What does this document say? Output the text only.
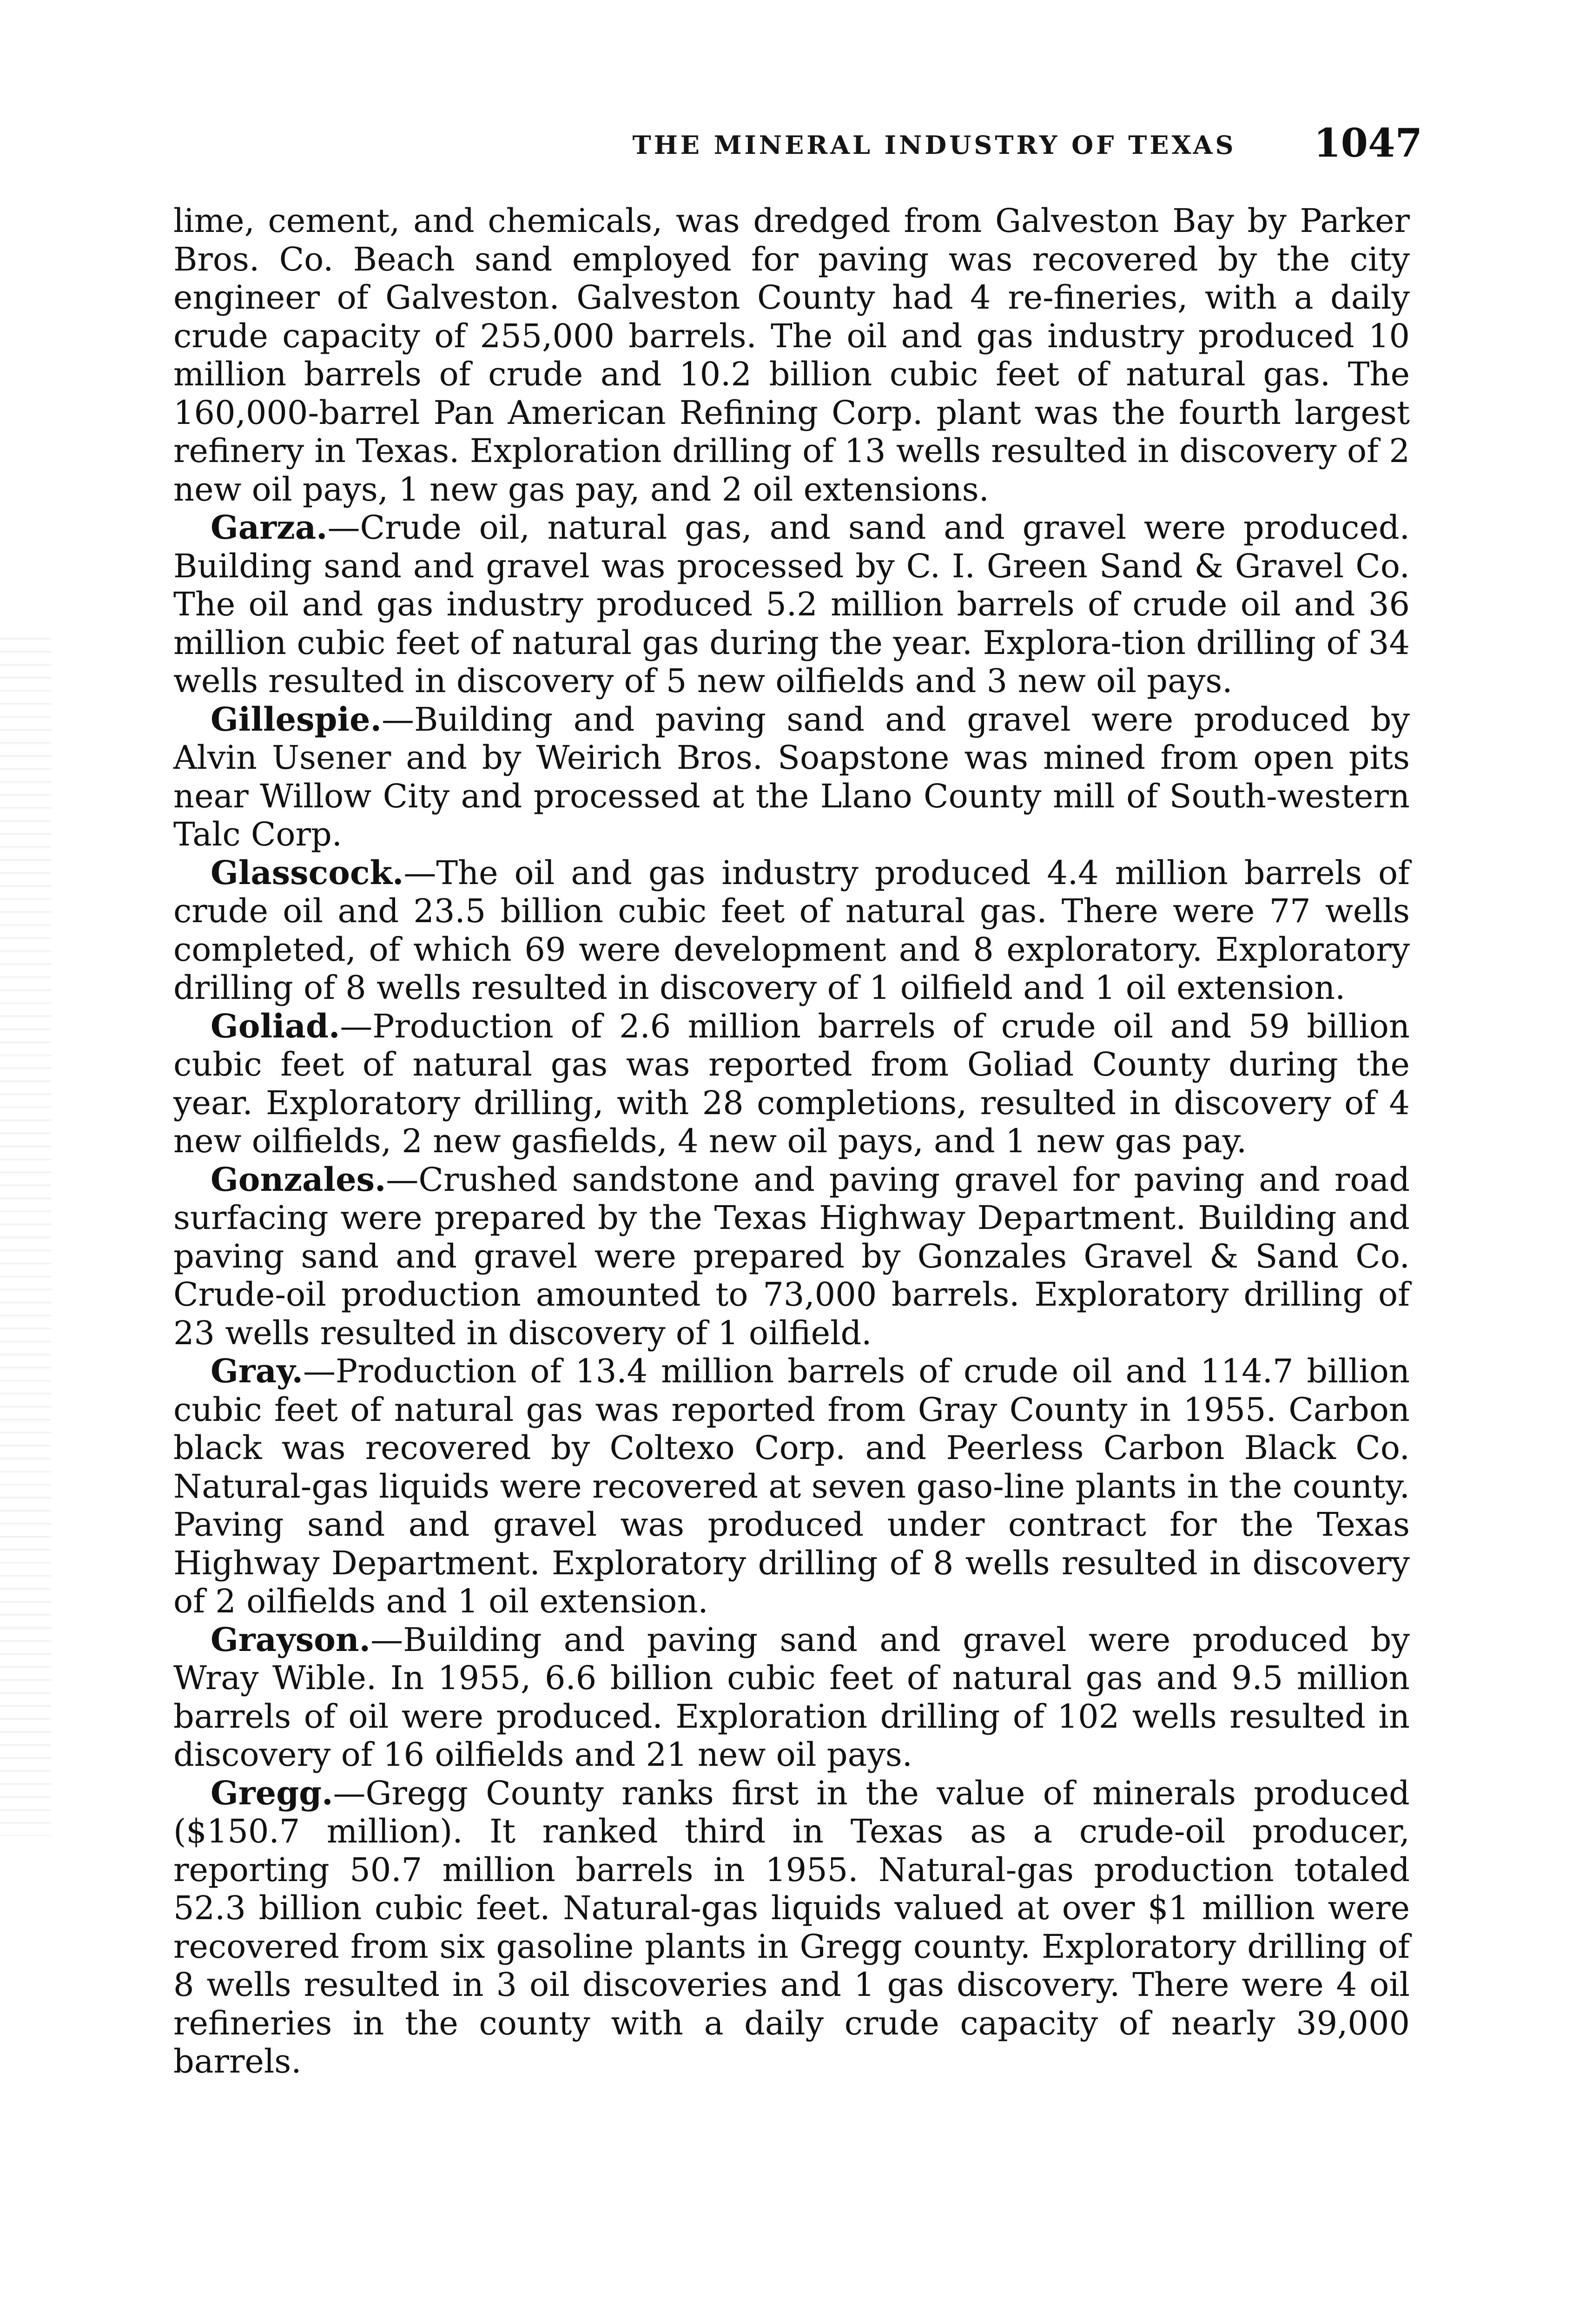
THE MINERAL INDUSTRY OF TEXAS	1047

lime, cement, and chemicals, was dredged from Galveston Bay by Parker Bros. Co. Beach sand employed for paving was recovered by the city engineer of Galveston. Galveston County had 4 re-fineries, with a daily crude capacity of 255,000 barrels. The oil and gas industry produced 10 million barrels of crude and 10.2 billion cubic feet of natural gas. The 160,000-barrel Pan American Refining Corp. plant was the fourth largest refinery in Texas. Exploration drilling of 13 wells resulted in discovery of 2 new oil pays, 1 new gas pay, and 2 oil extensions.

Garza.—Crude oil, natural gas, and sand and gravel were produced. Building sand and gravel was processed by C. I. Green Sand & Gravel Co. The oil and gas industry produced 5.2 million barrels of crude oil and 36 million cubic feet of natural gas during the year. Explora-tion drilling of 34 wells resulted in discovery of 5 new oilfields and 3 new oil pays.

Gillespie.—Building and paving sand and gravel were produced by Alvin Usener and by Weirich Bros. Soapstone was mined from open pits near Willow City and processed at the Llano County mill of South-western Talc Corp.

Glasscock.—The oil and gas industry produced 4.4 million barrels of crude oil and 23.5 billion cubic feet of natural gas. There were 77 wells completed, of which 69 were development and 8 exploratory. Exploratory drilling of 8 wells resulted in discovery of 1 oilfield and 1 oil extension.

Goliad.—Production of 2.6 million barrels of crude oil and 59 billion cubic feet of natural gas was reported from Goliad County during the year. Exploratory drilling, with 28 completions, resulted in discovery of 4 new oilfields, 2 new gasfields, 4 new oil pays, and 1 new gas pay.

Gonzales.—Crushed sandstone and paving gravel for paving and road surfacing were prepared by the Texas Highway Department. Building and paving sand and gravel were prepared by Gonzales Gravel & Sand Co. Crude-oil production amounted to 73,000 barrels. Exploratory drilling of 23 wells resulted in discovery of 1 oilfield.

Gray.—Production of 13.4 million barrels of crude oil and 114.7 billion cubic feet of natural gas was reported from Gray County in 1955. Carbon black was recovered by Coltexo Corp. and Peerless Carbon Black Co. Natural-gas liquids were recovered at seven gaso-line plants in the county. Paving sand and gravel was produced under contract for the Texas Highway Department. Exploratory drilling of 8 wells resulted in discovery of 2 oilfields and 1 oil extension.

Grayson.—Building and paving sand and gravel were produced by Wray Wible. In 1955, 6.6 billion cubic feet of natural gas and 9.5 million barrels of oil were produced. Exploration drilling of 102 wells resulted in discovery of 16 oilfields and 21 new oil pays.

Gregg.—Gregg County ranks first in the value of minerals produced ($150.7 million). It ranked third in Texas as a crude-oil producer, reporting 50.7 million barrels in 1955. Natural-gas production totaled 52.3 billion cubic feet. Natural-gas liquids valued at over $1 million were recovered from six gasoline plants in Gregg county. Exploratory drilling of 8 wells resulted in 3 oil discoveries and 1 gas discovery. There were 4 oil refineries in the county with a daily crude capacity of nearly 39,000 barrels.
